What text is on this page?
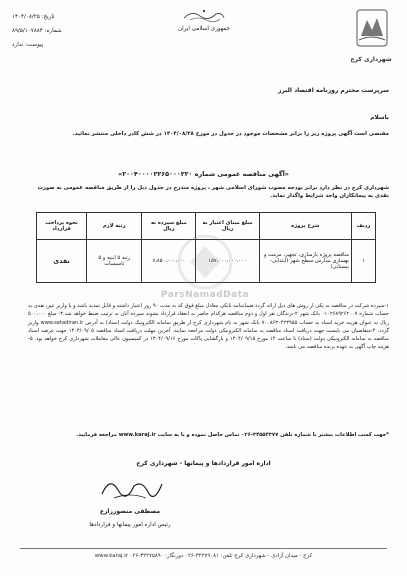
تاریخ: ۱۴۰۴/۰۸/۲۵
شماره: ۸۹/۵/۱۰۷۸۸۴
پیوست: ندارد
جمهوری اسلامی ایران
شهرداری کرج
سرپرست محترم روزنامه اقتصاد البرز
باسلام
مقتضی است آگهی پروژه زیر را برابر مشخصات موجود در جدول در مورخ ۱۴۰۴/۰۸/۲۸ در شش کادر داخلی منتشر نمائید.
«آگهی مناقصه عمومی شماره ۲۰۰۴۰۰۰۰۲۲۶۵۰۰۰۲۲۰»
شهرداری کرج در نظر دارد برابر بودجه مصوب شورای اسلامی شهر ، پروژه مندرج در جدول ذیل را از طریق مناقصه عمومی به صورت نقدی به پیمانکاران واجد شرایط واگذار نماید.
ردیف	شرح پروژه	مبلغ مبنای اعتبار به ریال	مبلغ سپرده به ریال	رتبه لازم	نحوه پرداخت قرارداد
۱	مناقصه پروژه بازسازی، تجهیز، مرمت و بهسازی مدارس سطح شهر (ابتدایی-بیستانی)	۱۵۷،۰۰۰،۰۰۰،۰۰۰	۷،۸۵۰،۰۰۰،۰۰۰	رتبه ۵ ابنیه و ۵ تاسیسات	نقدی
ParsNamadData
۱-سپرده شرکت در مناقصه به یکی از روش های ذیل ارائه گردد:ضمانتنامه بانکی معادل مبلغ فوق که به مدت ۹۰ روز اعتبار داشته و قابل تمدید باشد و یا واریز عین نقدی به حساب شماره ۰۱۰۲۶۸۹۲۶۲۰۰۷ بانک شهر ۲-برندگان نفر اول و دوم مناقصه هرکدام حاضر به انعقاد قرارداد نشوند سپرده آنان به ترتیب ضبط خواهد شد.۳- مبلغ ۵۰۰،۰۰۰ ریال به عنوان هزینه خرید اسناد به حساب ۷۰۰۸۶۳۰۴۲۳۹۵۵ بانک شهر به نام شهرداری کرج از طریق سامانه الکترونیک دولت (ستاد) به آدرس www.setadiran.ir واریز گردد. ۴-متقاضیان می بایست جهت دریافت اسناد مناقصه به سامانه الکترونیکی دولت مراجعه نمایند. آخرین مهلت دریافت اسناد مناقصه ۱۴۰۴/۰۹/۰۵ جهت عرضه اسناد مناقصه به سامانه الکترونیکی دولت (ستاد) تا ساعت ۱۴ مورخ ۱۴۰۴/۰۹/۱۵ و بازگشایی پاکات مورخ ۱۴۰۴/۰۹/۱۶ در کمیسیون عالی معاملات شهرداری کرج خواهد بود. ۵-هزینه چاپ آگهی به عهده برنده مناقصه می باشد.
*جهت کسب اطلاعات بیشتر با شماره تلفن ۳۴۵۵۴۳۷۷-۰۲۶ تماس حاصل نموده و یا به سایت www.karaj.ir مراجعه فرمایید.
اداره امور قراردادها و پیمانها - شهرداری کرج
مصطفی منصورزارع
رئیس اداره امور پیمانها و قراردادها
کرج - میدان آزادی - شهرداری کرج تلفن: ۳۲۲۷۹۰۸۱-۰۲۶ دورنگار: ۳۲۲۷۵۸۹۰-۰۲۶ www.karaj.ir
